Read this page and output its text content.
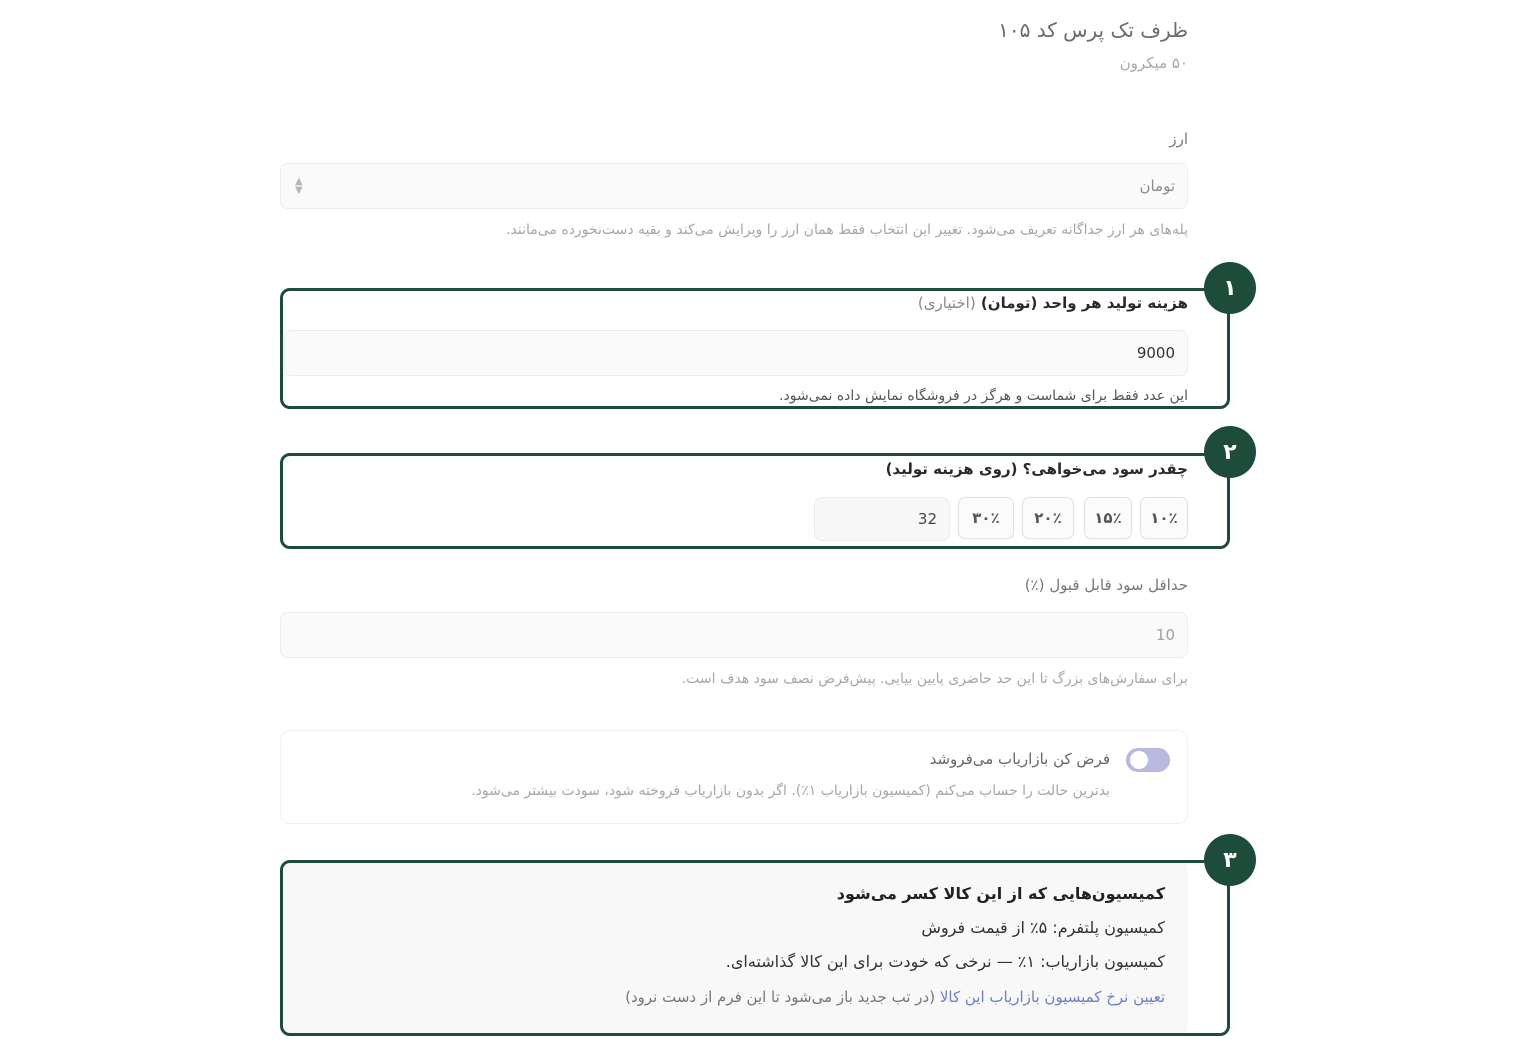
ظرف تک پرس کد ۱۰۵
۵۰ میکرون
ارز
تومان
▲
▼
پله‌های هر ارز جداگانه تعریف می‌شود. تغییر این انتخاب فقط همان ارز را ویرایش می‌کند و بقیه دست‌نخورده می‌مانند.
۱
هزینه تولید هر واحد (تومان) (اختیاری)
9000
این عدد فقط برای شماست و هرگز در فروشگاه نمایش داده نمی‌شود.
۲
چقدر سود می‌خواهی؟ (روی هزینه تولید)
۱۰٪
۱۵٪
۲۰٪
۳۰٪
32
حداقل سود قابل قبول (٪)
10
برای سفارش‌های بزرگ تا این حد حاضری پایین بیایی. پیش‌فرض نصف سود هدف است.
فرض کن بازاریاب می‌فروشد
بدترین حالت را حساب می‌کنم (کمیسیون بازاریاب ۱٪). اگر بدون بازاریاب فروخته شود، سودت بیشتر می‌شود.
۳
کمیسیون‌هایی که از این کالا کسر می‌شود
کمیسیون پلتفرم: ۵٪ از قیمت فروش
کمیسیون بازاریاب: ۱٪ — نرخی که خودت برای این کالا گذاشته‌ای.
تعیین نرخ کمیسیون بازاریاب این کالا (در تب جدید باز می‌شود تا این فرم از دست نرود)
